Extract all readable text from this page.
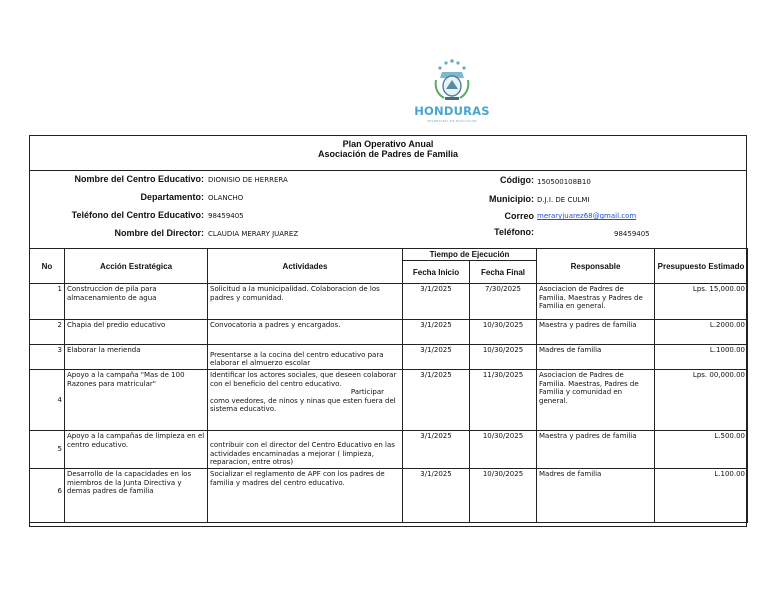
HONDURAS
SECRETARÍA DE EDUCACIÓN
Plan Operativo Anual
Asociación de Padres de Familia
Nombre del Centro Educativo: DIONISIO DE HERRERA
Departamento: OLANCHO
Teléfono del Centro Educativo: 98459405
Nombre del Director: CLAUDIA MERARY JUAREZ
Código: 150500108B10
Municipio: D.J.I. DE CULMI
Correo meraryjuarez68@gmail.com
Teléfono:	98459405
No	Acción Estratégica	Actividades	Tiempo de Ejecución		Responsable	Presupuesto Estimado
			Fecha Inicio	Fecha Final		
1	Construccion de pila para almacenamiento de agua	Solicitud a la municipalidad. Colaboracion de los padres y comunidad.	3/1/2025	7/30/2025	Asociacion de Padres de Familia. Maestras y Padres de Familia en general.	Lps. 15,000.00
2	Chapia del predio educativo	Convocatoria a padres y encargados.	3/1/2025	10/30/2025	Maestra y padres de familia	L.2000.00
3	Elaborar la merienda	Presentarse a la cocina del centro educativo para elaborar el almuerzo escolar	3/1/2025	10/30/2025	Madres de familia	L.1000.00
4	Apoyo a la campaña "Mas de 100 Razones para matricular"	Identificar los actores sociales, que deseen colaborar con el beneficio del centro educativo.
Participar
como veedores, de ninos y ninas que esten fuera del sistema educativo.	3/1/2025	11/30/2025	Asociacion de Padres de Familia. Maestras, Padres de Familia y comunidad en general.	Lps. 00,000.00
5	Apoyo a la campañas de limpieza en el centro educativo.	contribuir con el director del Centro Educativo en las actividades encaminadas a mejorar ( limpieza, reparacion, entre otros)	3/1/2025	10/30/2025	Maestra y padres de familia	L.500.00
6	Desarrollo de la capacidades en los miembros de la Junta Directiva y demas padres de familia	Socializar el reglamento de APF con los padres de familia y madres del centro educativo.	3/1/2025	10/30/2025	Madres de familia	L.100.00
